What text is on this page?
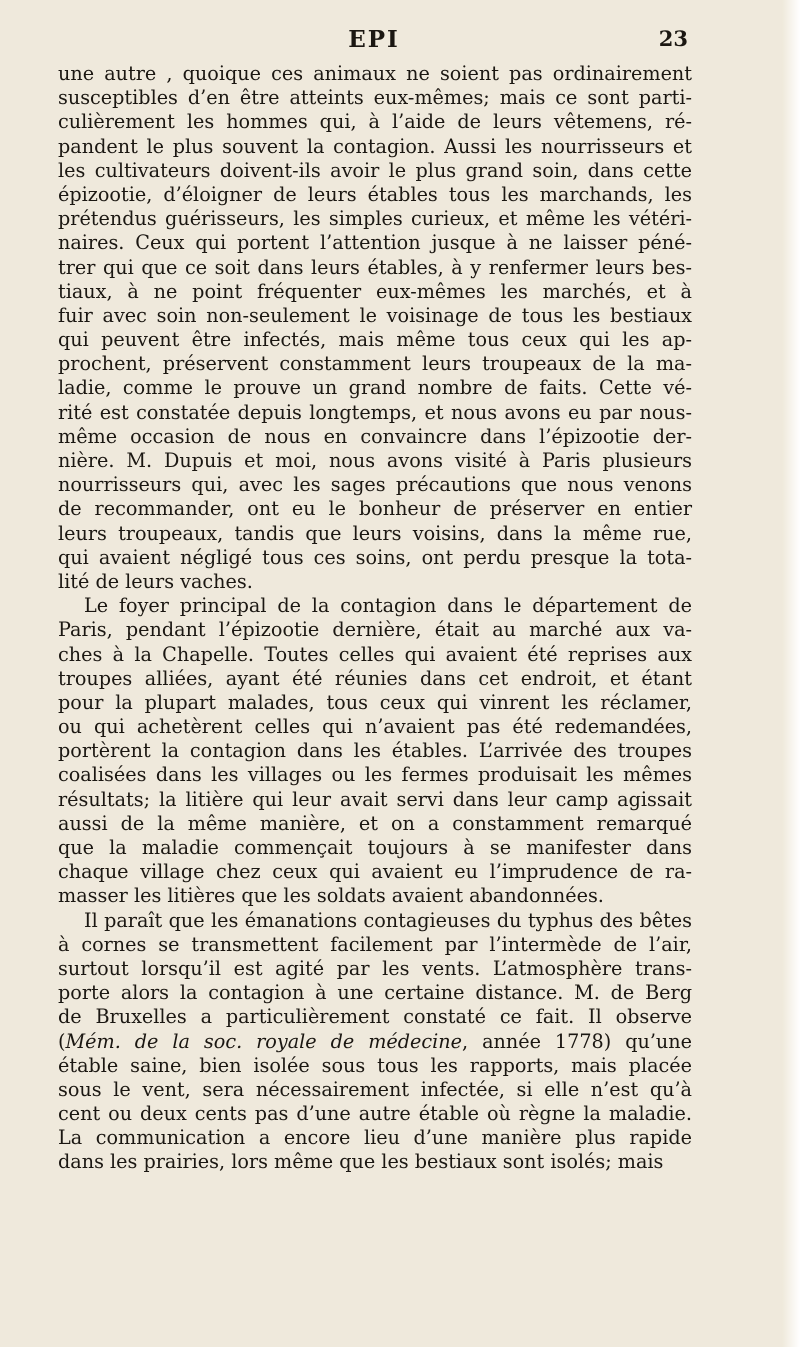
EPI	23
une autre , quoique ces animaux ne soient pas ordinairement
susceptibles d’en être atteints eux-mêmes; mais ce sont parti-
culièrement les hommes qui, à l’aide de leurs vêtemens, ré-
pandent le plus souvent la contagion. Aussi les nourrisseurs et
les cultivateurs doivent-ils avoir le plus grand soin, dans cette
épizootie, d’éloigner de leurs étables tous les marchands, les
prétendus guérisseurs, les simples curieux, et même les vétéri-
naires. Ceux qui portent l’attention jusque à ne laisser péné-
trer qui que ce soit dans leurs étables, à y renfermer leurs bes-
tiaux, à ne point fréquenter eux-mêmes les marchés, et à
fuir avec soin non-seulement le voisinage de tous les bestiaux
qui peuvent être infectés, mais même tous ceux qui les ap-
prochent, préservent constamment leurs troupeaux de la ma-
ladie, comme le prouve un grand nombre de faits. Cette vé-
rité est constatée depuis longtemps, et nous avons eu par nous-
même occasion de nous en convaincre dans l’épizootie der-
nière. M. Dupuis et moi, nous avons visité à Paris plusieurs
nourrisseurs qui, avec les sages précautions que nous venons
de recommander, ont eu le bonheur de préserver en entier
leurs troupeaux, tandis que leurs voisins, dans la même rue,
qui avaient négligé tous ces soins, ont perdu presque la tota-
lité de leurs vaches.
Le foyer principal de la contagion dans le département de
Paris, pendant l’épizootie dernière, était au marché aux va-
ches à la Chapelle. Toutes celles qui avaient été reprises aux
troupes alliées, ayant été réunies dans cet endroit, et étant
pour la plupart malades, tous ceux qui vinrent les réclamer,
ou qui achetèrent celles qui n’avaient pas été redemandées,
portèrent la contagion dans les étables. L’arrivée des troupes
coalisées dans les villages ou les fermes produisait les mêmes
résultats; la litière qui leur avait servi dans leur camp agissait
aussi de la même manière, et on a constamment remarqué
que la maladie commençait toujours à se manifester dans
chaque village chez ceux qui avaient eu l’imprudence de ra-
masser les litières que les soldats avaient abandonnées.
Il paraît que les émanations contagieuses du typhus des bêtes
à cornes se transmettent facilement par l’intermède de l’air,
surtout lorsqu’il est agité par les vents. L’atmosphère trans-
porte alors la contagion à une certaine distance. M. de Berg
de Bruxelles a particulièrement constaté ce fait. Il observe
(Mém. de la soc. royale de médecine, année 1778) qu’une
étable saine, bien isolée sous tous les rapports, mais placée
sous le vent, sera nécessairement infectée, si elle n’est qu’à
cent ou deux cents pas d’une autre étable où règne la maladie.
La communication a encore lieu d’une manière plus rapide
dans les prairies, lors même que les bestiaux sont isolés; mais
